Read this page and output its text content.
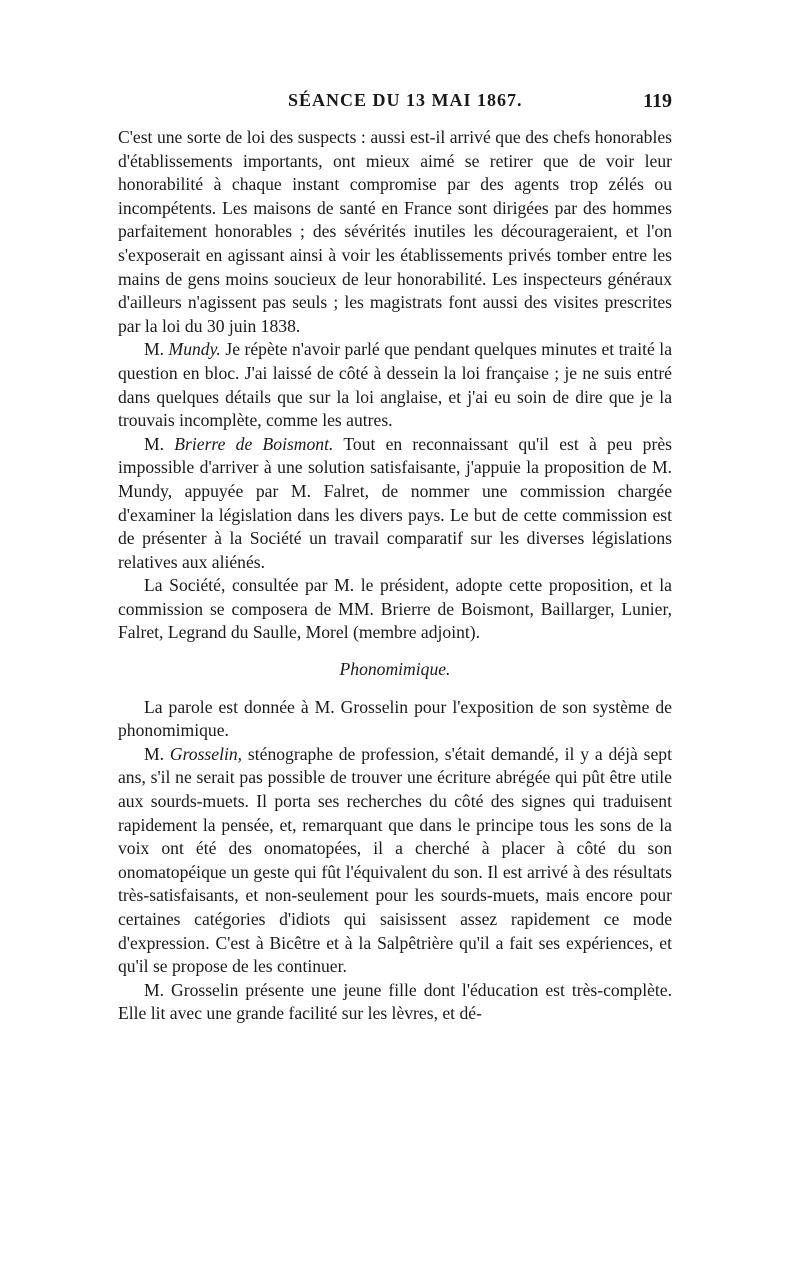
SÉANCE DU 13 MAI 1867.	119

C'est une sorte de loi des suspects : aussi est-il arrivé que des chefs honorables d'établissements importants, ont mieux aimé se retirer que de voir leur honorabilité à chaque instant compromise par des agents trop zélés ou incompétents. Les maisons de santé en France sont dirigées par des hommes parfaitement honorables ; des sévérités inutiles les décourageraient, et l'on s'exposerait en agissant ainsi à voir les établissements privés tomber entre les mains de gens moins soucieux de leur honorabilité. Les inspecteurs généraux d'ailleurs n'agissent pas seuls ; les magistrats font aussi des visites prescrites par la loi du 30 juin 1838.

M. Mundy. Je répète n'avoir parlé que pendant quelques minutes et traité la question en bloc. J'ai laissé de côté à dessein la loi française ; je ne suis entré dans quelques détails que sur la loi anglaise, et j'ai eu soin de dire que je la trouvais incomplète, comme les autres.

M. Brierre de Boismont. Tout en reconnaissant qu'il est à peu près impossible d'arriver à une solution satisfaisante, j'appuie la proposition de M. Mundy, appuyée par M. Falret, de nommer une commission chargée d'examiner la législation dans les divers pays. Le but de cette commission est de présenter à la Société un travail comparatif sur les diverses législations relatives aux aliénés.

La Société, consultée par M. le président, adopte cette proposition, et la commission se composera de MM. Brierre de Boismont, Baillarger, Lunier, Falret, Legrand du Saulle, Morel (membre adjoint).

Phonomimique.

La parole est donnée à M. Grosselin pour l'exposition de son système de phonomimique.

M. Grosselin, sténographe de profession, s'était demandé, il y a déjà sept ans, s'il ne serait pas possible de trouver une écriture abrégée qui pût être utile aux sourds-muets. Il porta ses recherches du côté des signes qui traduisent rapidement la pensée, et, remarquant que dans le principe tous les sons de la voix ont été des onomatopées, il a cherché à placer à côté du son onomatopéique un geste qui fût l'équivalent du son. Il est arrivé à des résultats très-satisfaisants, et non-seulement pour les sourds-muets, mais encore pour certaines catégories d'idiots qui saisissent assez rapidement ce mode d'expression. C'est à Bicêtre et à la Salpêtrière qu'il a fait ses expériences, et qu'il se propose de les continuer.

M. Grosselin présente une jeune fille dont l'éducation est très-complète. Elle lit avec une grande facilité sur les lèvres, et dé-
